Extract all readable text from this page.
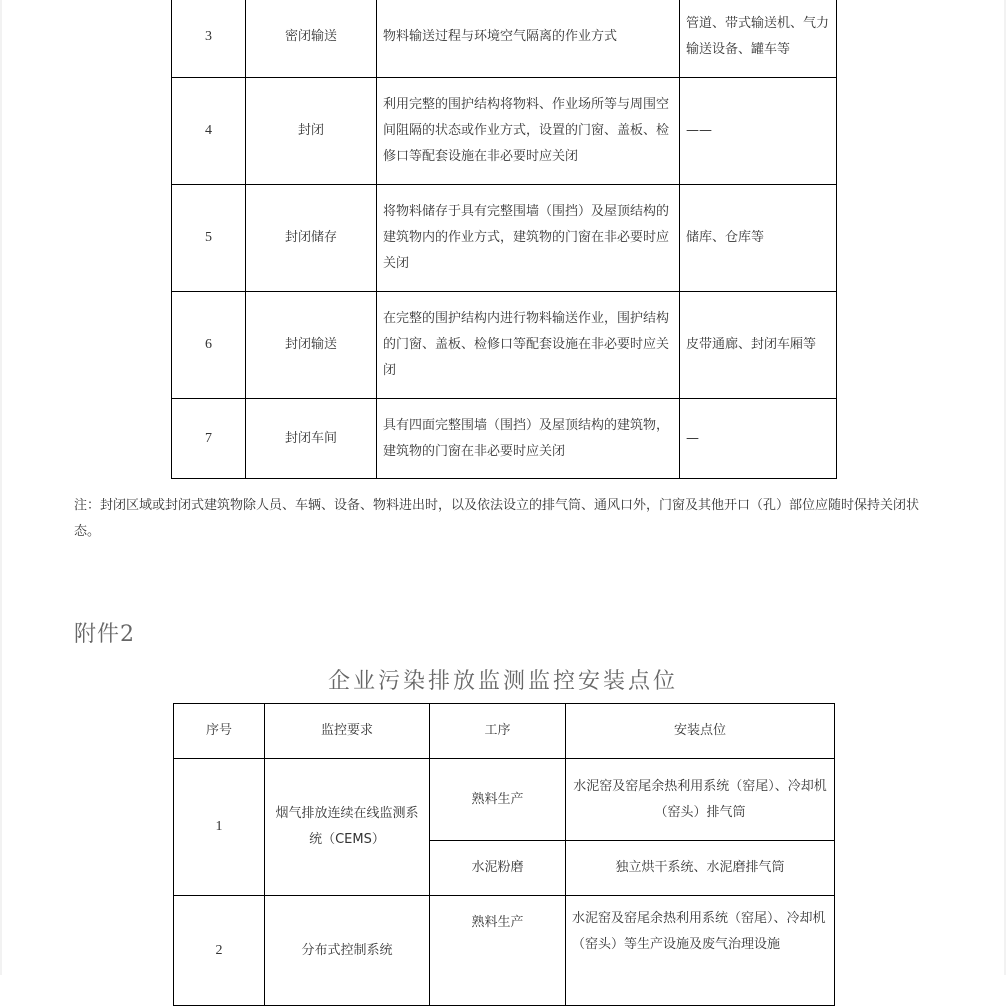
3	密闭输送	物料输送过程与环境空气隔离的作业方式	管道、带式输送机、气力输送设备、罐车等
4	封闭	利用完整的围护结构将物料、作业场所等与周围空间阻隔的状态或作业方式，设置的门窗、盖板、检修口等配套设施在非必要时应关闭	——
5	封闭储存	将物料储存于具有完整围墙（围挡）及屋顶结构的建筑物内的作业方式，建筑物的门窗在非必要时应关闭	储库、仓库等
6	封闭输送	在完整的围护结构内进行物料输送作业，围护结构的门窗、盖板、检修口等配套设施在非必要时应关闭	皮带通廊、封闭车厢等
7	封闭车间	具有四面完整围墙（围挡）及屋顶结构的建筑物，建筑物的门窗在非必要时应关闭	—
注：封闭区域或封闭式建筑物除人员、车辆、设备、物料进出时，以及依法设立的排气筒、通风口外，门窗及其他开口（孔）部位应随时保持关闭状态。
附件2
企业污染排放监测监控安装点位
序号	监控要求	工序	安装点位
1	烟气排放连续在线监测系统（CEMS）	熟料生产	水泥窑及窑尾余热利用系统（窑尾）、冷却机（窑头）排气筒
		水泥粉磨	独立烘干系统、水泥磨排气筒
2	分布式控制系统	熟料生产	水泥窑及窑尾余热利用系统（窑尾）、冷却机（窑头）等生产设施及废气治理设施
